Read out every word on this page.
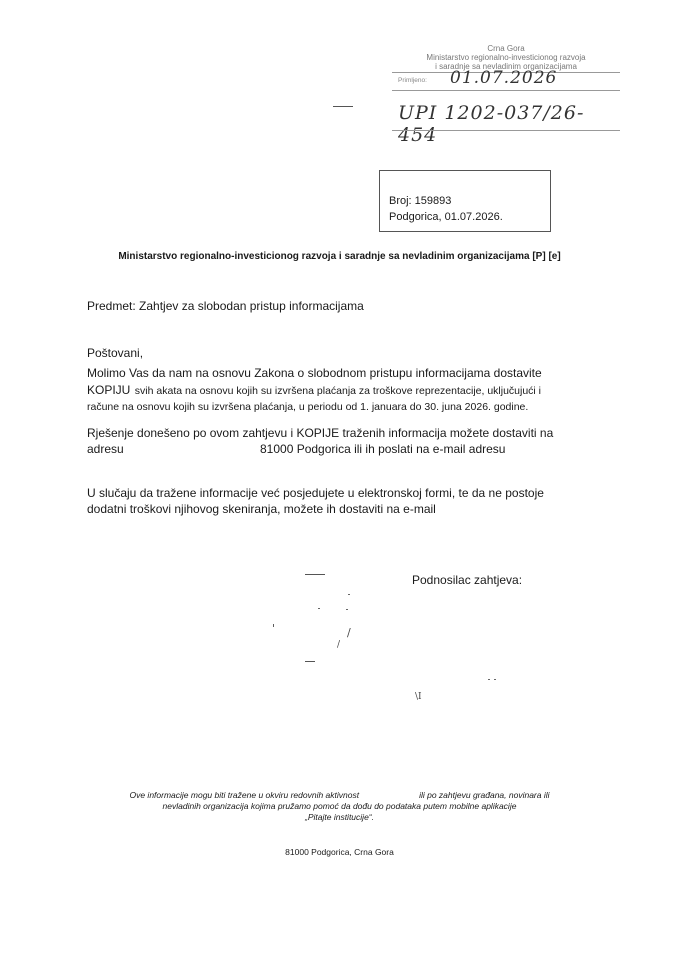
Crna Gora
Ministarstvo regionalno-investicionog razvoja
i saradnje sa nevladinim organizacijama
Primljeno: 01.07.2026
UPI 1202-037/26-454
Broj: 159893
Podgorica, 01.07.2026.
Ministarstvo regionalno-investicionog razvoja i saradnje sa nevladinim organizacijama [P] [e]
Predmet: Zahtjev za slobodan pristup informacijama
Poštovani,
Molimo Vas da nam na osnovu Zakona o slobodnom pristupu informacijama dostavite
KOPIJU svih akata na osnovu kojih su izvršena plaćanja za troškove reprezentacije, uključujući i
račune na osnovu kojih su izvršena plaćanja, u periodu od 1. januara do 30. juna 2026. godine.
Rješenje donešeno po ovom zahtjevu i KOPIJE traženih informacija možete dostaviti na
adresu	81000 Podgorica ili ih poslati na e-mail adresu
U slučaju da tražene informacije već posjedujete u elektronskoj formi, te da ne postoje
dodatni troškovi njihovog skeniranja, možete ih dostaviti na e-mail
Podnosilac zahtjeva:
'	/
/
\I
Ove informacije mogu biti tražene u okviru redovnih aktivnost	ili po zahtjevu građana, novinara ili
nevladinih organizacija kojima pružamo pomoć da dođu do podataka putem mobilne aplikacije
„Pitajte institucije“.
81000 Podgorica, Crna Gora
